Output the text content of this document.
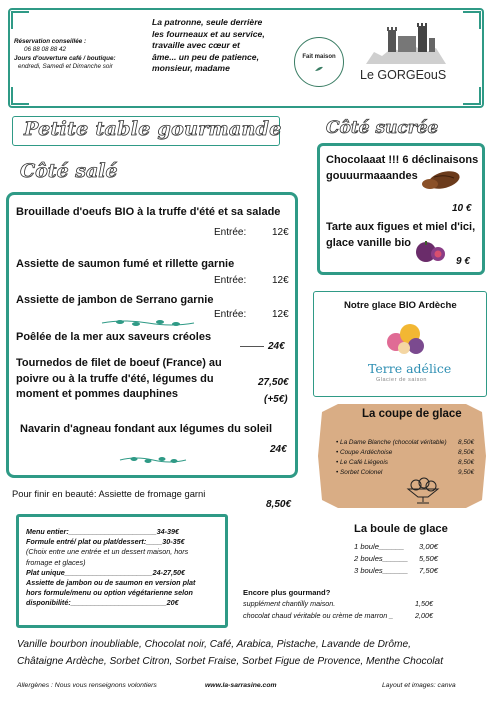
Réservation conseillée :
06 88 08 88 42
Jours d'ouverture café / boutique:
endredi, Samedi et Dimanche soir
La patronne, seule derrière
les fourneaux et au service,
travaille avec cœur et
âme... un peu de patience,
monsieur, madame
Fait maison
Le GORGEouS
Petite table gourmande
Côté salé
Côté sucrée
Brouillade d'oeufs BIO à la truffe d'été et sa salade
Entrée:	12€
Assiette de saumon fumé et rillette garnie
Entrée:	12€
Assiette de jambon de Serrano garnie
Entrée:	12€
Poêlée de la mer aux saveurs créoles
24€
Tournedos de filet de boeuf (France) au
poivre ou à la truffe d'été, légumes du
moment et pommes dauphines
27,50€
(+5€)
Navarin d'agneau fondant aux légumes du soleil
24€
Pour finir en beauté: Assiette de fromage garni
8,50€
Chocolaaat !!! 6 déclinaisons
gouuurmaaandes
10 €
Tarte aux figues et miel d'ici,
glace vanille bio
9 €
Notre glace BIO Ardèche
Terre adélice
Glacier de saison
La coupe de glace
• La Dame Blanche (chocolat véritable) 8,50€
• Coupe Ardéchoise	8,50€
• Le Café Liégeois	8,50€
• Sorbet Colonel	9,50€
Menu entier:______________________34-39€
Formule entré/ plat ou plat/dessert:____30-35€
(Choix entre une entrée et un dessert maison, hors
fromage et glaces)
Plat unique______________________24-27,50€
Assiette de jambon ou de saumon en version plat
hors formule/menu ou option végétarienne selon
disponibilité:________________________20€
La boule de glace
1 boule______ 3,00€
2 boules______ 5,50€
3 boules______ 7,50€
Encore plus gourmand?
supplément chantilly maison.	1,50€
chocolat chaud véritable ou crème de marron _	2,00€
Vanille bourbon inoubliable, Chocolat noir, Café, Arabica, Pistache, Lavande de Drôme,
Châtaigne Ardèche, Sorbet Citron, Sorbet Fraise, Sorbet Figue de Provence, Menthe Chocolat
Allergènes : Nous vous renseignons volontiers	www.la-sarrasine.com	Layout et images: canva
